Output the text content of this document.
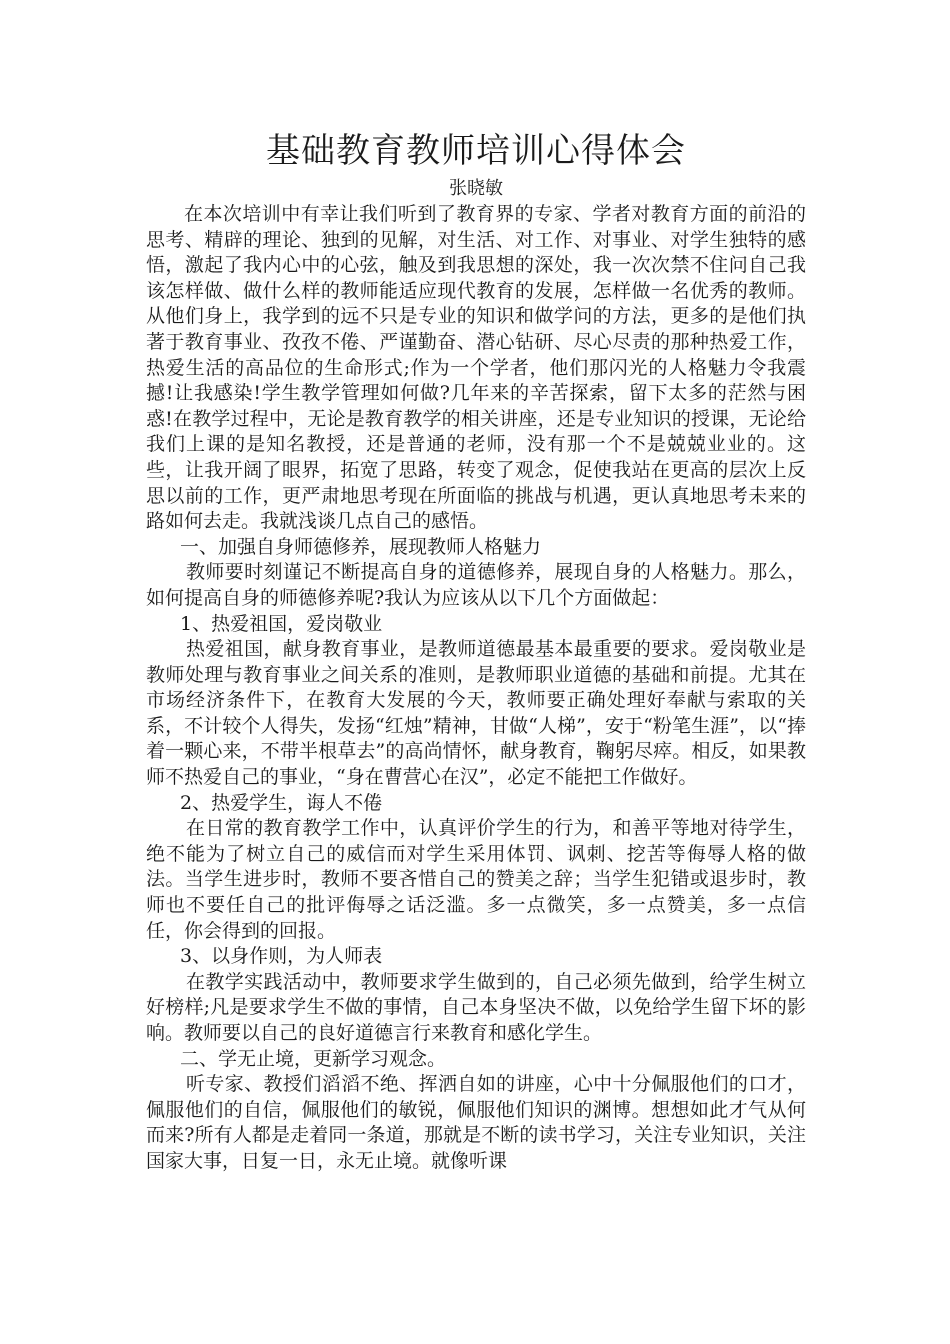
基础教育教师培训心得体会
张晓敏

在本次培训中有幸让我们听到了教育界的专家、学者对教育方面的前沿的思考、精辟的理论、独到的见解，对生活、对工作、对事业、对学生独特的感悟，激起了我内心中的心弦，触及到我思想的深处，我一次次禁不住问自己我该怎样做、做什么样的教师能适应现代教育的发展，怎样做一名优秀的教师。从他们身上，我学到的远不只是专业的知识和做学问的方法，更多的是他们执著于教育事业、孜孜不倦、严谨勤奋、潜心钻研、尽心尽责的那种热爱工作，热爱生活的高品位的生命形式;作为一个学者，他们那闪光的人格魅力令我震撼!让我感染!学生教学管理如何做?几年来的辛苦探索，留下太多的茫然与困惑!在教学过程中，无论是教育教学的相关讲座，还是专业知识的授课，无论给我们上课的是知名教授，还是普通的老师，没有那一个不是兢兢业业的。这些，让我开阔了眼界，拓宽了思路，转变了观念，促使我站在更高的层次上反思以前的工作，更严肃地思考现在所面临的挑战与机遇，更认真地思考未来的路如何去走。我就浅谈几点自己的感悟。

一、加强自身师德修养，展现教师人格魅力

教师要时刻谨记不断提高自身的道德修养，展现自身的人格魅力。那么，如何提高自身的师德修养呢?我认为应该从以下几个方面做起：

1、热爱祖国，爱岗敬业

热爱祖国，献身教育事业，是教师道德最基本最重要的要求。爱岗敬业是教师处理与教育事业之间关系的准则，是教师职业道德的基础和前提。尤其在市场经济条件下，在教育大发展的今天，教师要正确处理好奉献与索取的关系，不计较个人得失，发扬“红烛”精神，甘做“人梯”，安于“粉笔生涯”，以“捧着一颗心来，不带半根草去”的高尚情怀，献身教育，鞠躬尽瘁。相反，如果教师不热爱自己的事业，“身在曹营心在汉”，必定不能把工作做好。

2、热爱学生，诲人不倦

在日常的教育教学工作中，认真评价学生的行为，和善平等地对待学生，绝不能为了树立自己的威信而对学生采用体罚、讽刺、挖苦等侮辱人格的做法。当学生进步时，教师不要吝惜自己的赞美之辞；当学生犯错或退步时，教师也不要任自己的批评侮辱之话泛滥。多一点微笑，多一点赞美，多一点信任，你会得到的回报。

3、以身作则，为人师表

在教学实践活动中，教师要求学生做到的，自己必须先做到，给学生树立好榜样;凡是要求学生不做的事情，自己本身坚决不做，以免给学生留下坏的影响。教师要以自己的良好道德言行来教育和感化学生。

二、学无止境，更新学习观念。

听专家、教授们滔滔不绝、挥洒自如的讲座，心中十分佩服他们的口才，佩服他们的自信，佩服他们的敏锐，佩服他们知识的渊博。想想如此才气从何而来?所有人都是走着同一条道，那就是不断的读书学习，关注专业知识，关注国家大事，日复一日，永无止境。就像听课
